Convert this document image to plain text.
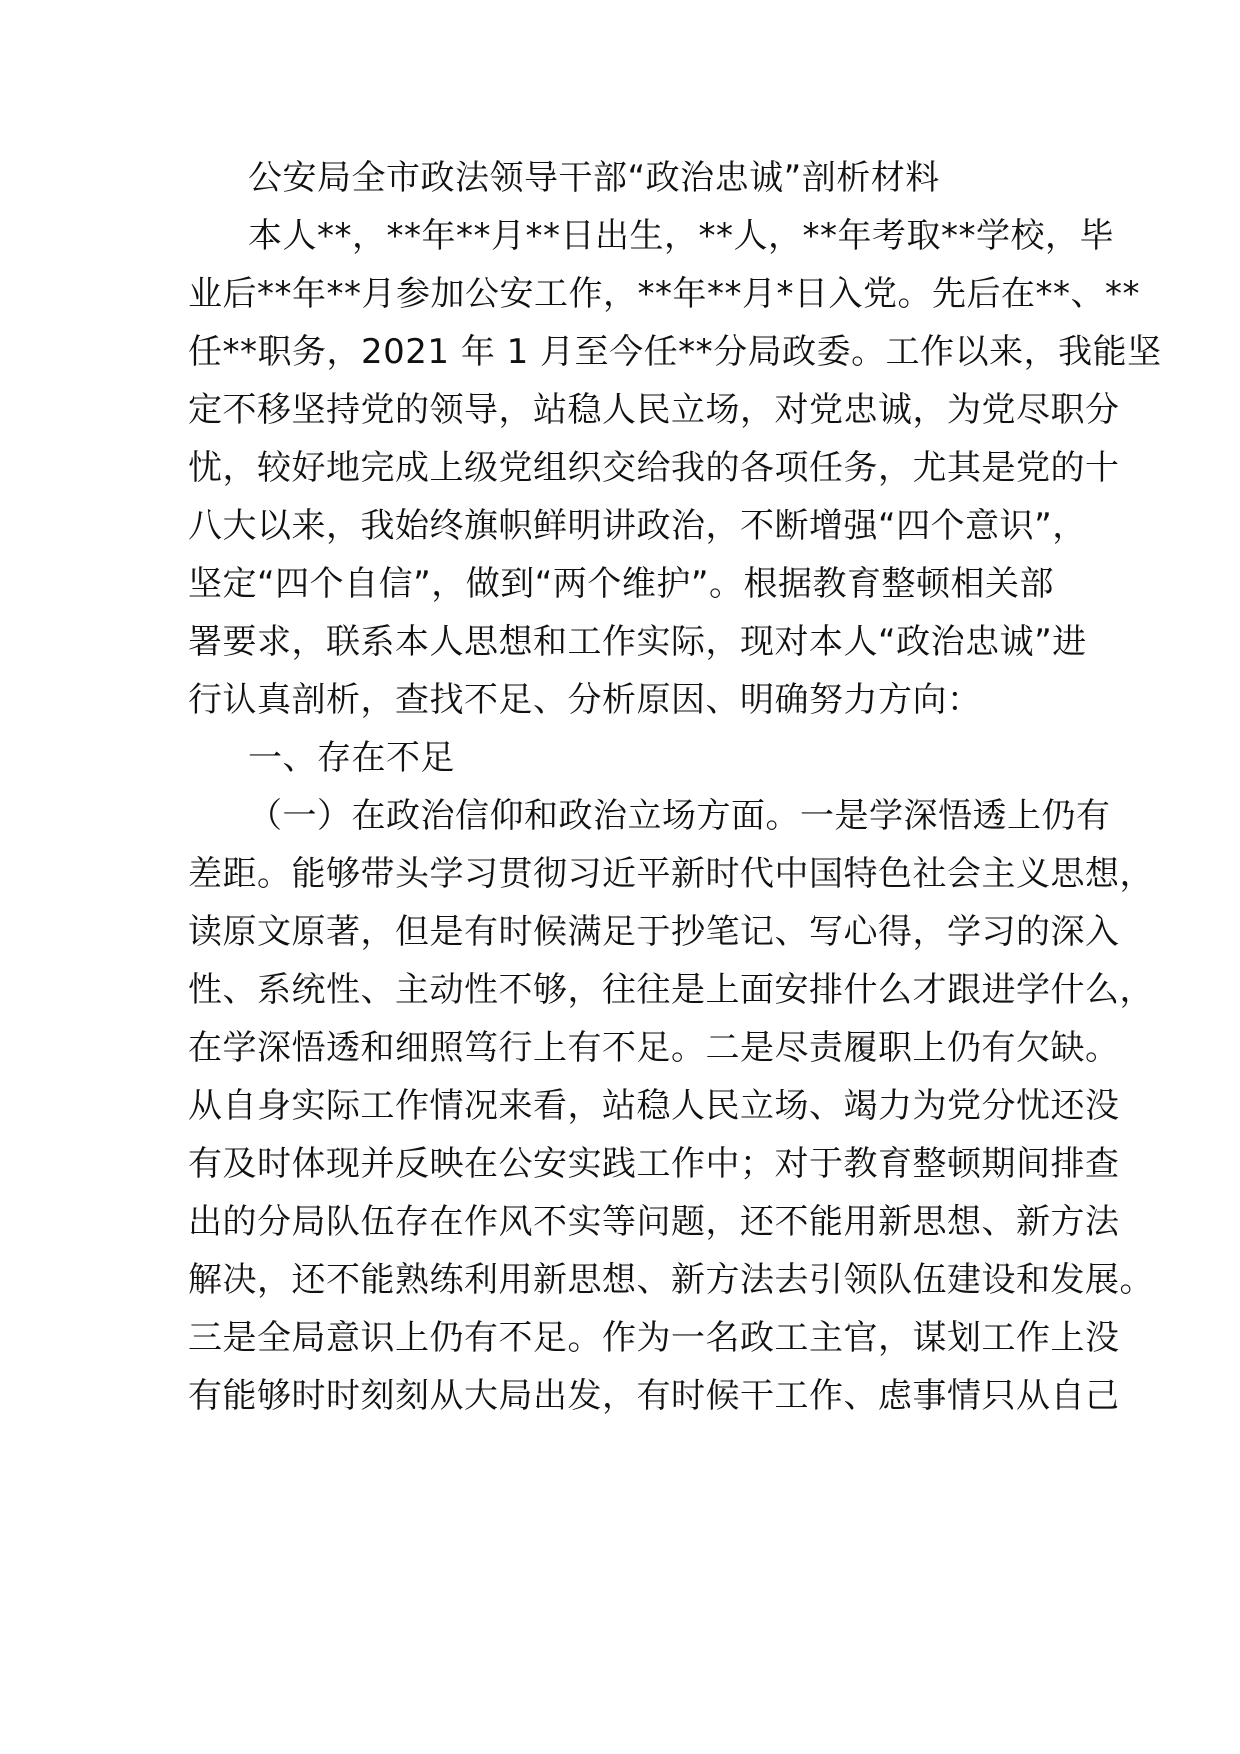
公安局全市政法领导干部“政治忠诚”剖析材料
本人**，**年**月**日出生，**人，**年考取**学校，毕
业后**年**月参加公安工作，**年**月*日入党。先后在**、**
任**职务，2021 年 1 月至今任**分局政委。工作以来，我能坚
定不移坚持党的领导，站稳人民立场，对党忠诚，为党尽职分
忧，较好地完成上级党组织交给我的各项任务，尤其是党的十
八大以来，我始终旗帜鲜明讲政治，不断增强“四个意识”，
坚定“四个自信”，做到“两个维护”。根据教育整顿相关部
署要求，联系本人思想和工作实际，现对本人“政治忠诚”进
行认真剖析，查找不足、分析原因、明确努力方向：
一、存在不足
（一）在政治信仰和政治立场方面。一是学深悟透上仍有
差距。能够带头学习贯彻习近平新时代中国特色社会主义思想，
读原文原著，但是有时候满足于抄笔记、写心得，学习的深入
性、系统性、主动性不够，往往是上面安排什么才跟进学什么，
在学深悟透和细照笃行上有不足。二是尽责履职上仍有欠缺。
从自身实际工作情况来看，站稳人民立场、竭力为党分忧还没
有及时体现并反映在公安实践工作中；对于教育整顿期间排查
出的分局队伍存在作风不实等问题，还不能用新思想、新方法
解决，还不能熟练利用新思想、新方法去引领队伍建设和发展。
三是全局意识上仍有不足。作为一名政工主官，谋划工作上没
有能够时时刻刻从大局出发，有时候干工作、虑事情只从自己
